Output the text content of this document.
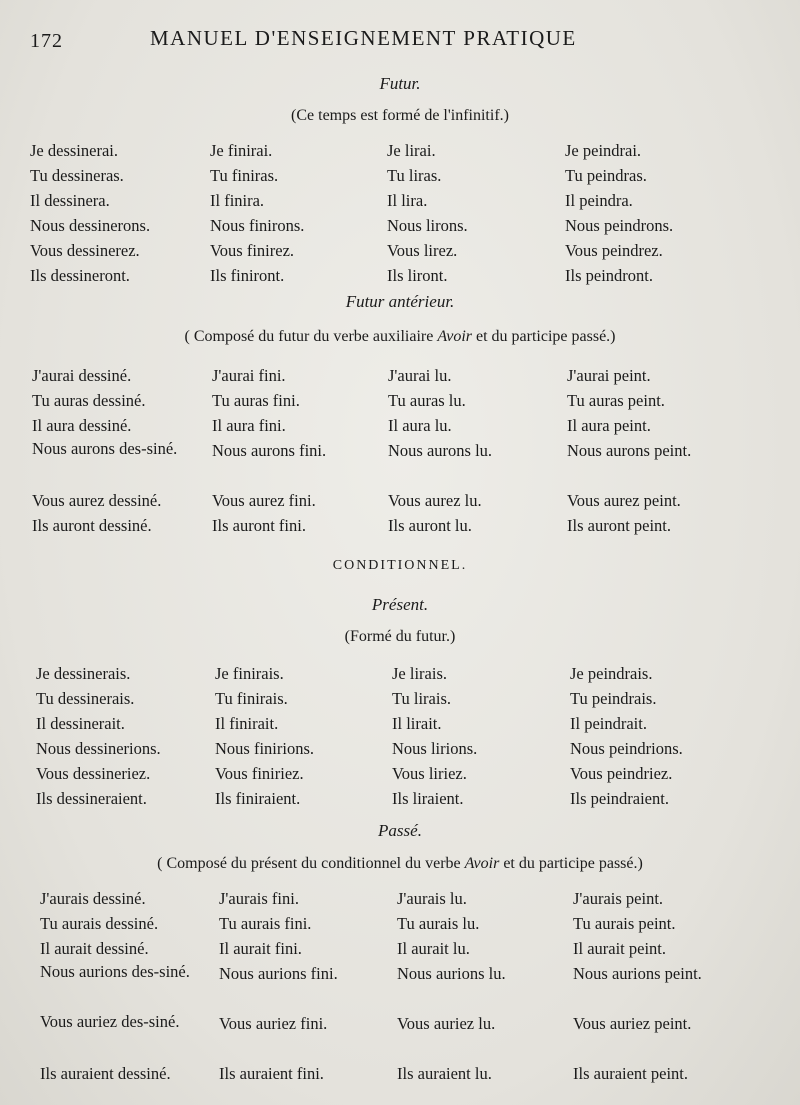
172	MANUEL D'ENSEIGNEMENT PRATIQUE
Futur.
(Ce temps est formé de l'infinitif.)
Je dessinerai.
Tu dessineras.
Il dessinera.
Nous dessinerons.
Vous dessinerez.
Ils dessineront.
Je finirai.
Tu finiras.
Il finira.
Nous finirons.
Vous finirez.
Ils finiront.
Je lirai.
Tu liras.
Il lira.
Nous lirons.
Vous lirez.
Ils liront.
Je peindrai.
Tu peindras.
Il peindra.
Nous peindrons.
Vous peindrez.
Ils peindront.
Futur antérieur.
( Composé du futur du verbe auxiliaire Avoir et du participe passé.)
J'aurai dessiné.
Tu auras dessiné.
Il aura dessiné.
Nous aurons des-siné.
Vous aurez dessiné.
Ils auront dessiné.
J'aurai fini.
Tu auras fini.
Il aura fini.
Nous aurons fini.
Vous aurez fini.
Ils auront fini.
J'aurai lu.
Tu auras lu.
Il aura lu.
Nous aurons lu.
Vous aurez lu.
Ils auront lu.
J'aurai peint.
Tu auras peint.
Il aura peint.
Nous aurons peint.
Vous aurez peint.
Ils auront peint.
CONDITIONNEL.
Présent.
(Formé du futur.)
Je dessinerais.
Tu dessinerais.
Il dessinerait.
Nous dessinerions.
Vous dessineriez.
Ils dessineraient.
Je finirais.
Tu finirais.
Il finirait.
Nous finirions.
Vous finiriez.
Ils finiraient.
Je lirais.
Tu lirais.
Il lirait.
Nous lirions.
Vous liriez.
Ils liraient.
Je peindrais.
Tu peindrais.
Il peindrait.
Nous peindrions.
Vous peindriez.
Ils peindraient.
Passé.
( Composé du présent du conditionnel du verbe Avoir et du participe passé.)
J'aurais dessiné.
Tu aurais dessiné.
Il aurait dessiné.
Nous aurions des-siné.
Vous auriez des-siné.
Ils auraient dessiné.
J'aurais fini.
Tu aurais fini.
Il aurait fini.
Nous aurions fini.
Vous auriez fini.
Ils auraient fini.
J'aurais lu.
Tu aurais lu.
Il aurait lu.
Nous aurions lu.
Vous auriez lu.
Ils auraient lu.
J'aurais peint.
Tu aurais peint.
Il aurait peint.
Nous aurions peint.
Vous auriez peint.
Ils auraient peint.
